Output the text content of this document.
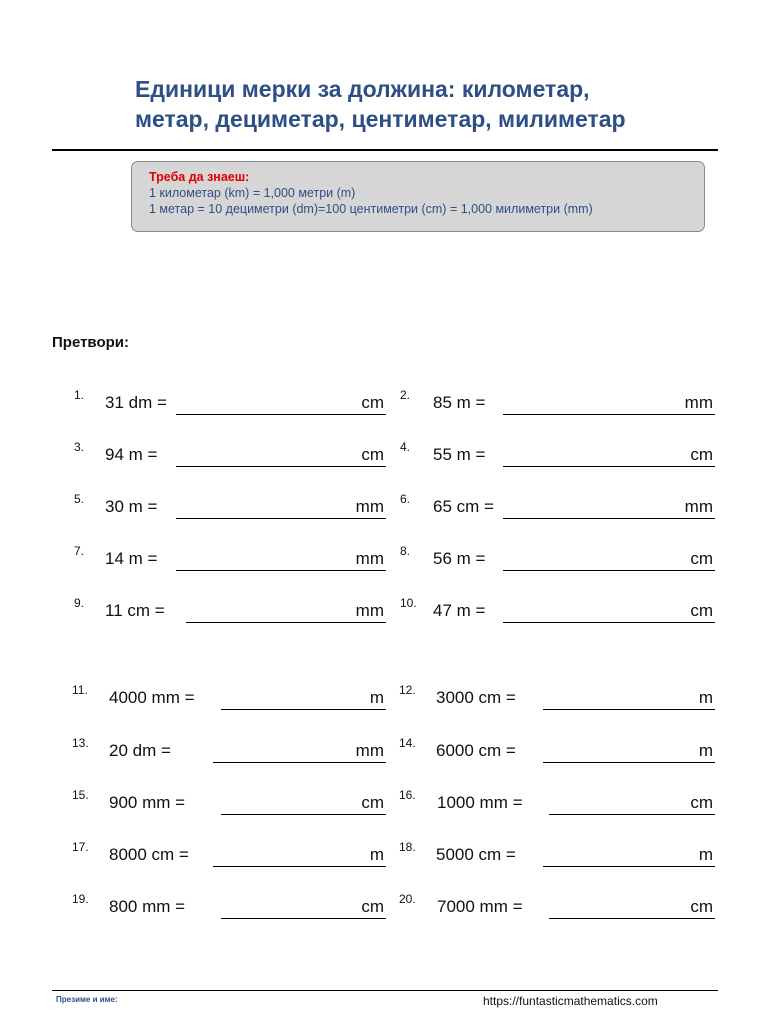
Единици мерки за должина: километар,
метар, дециметар, центиметар, милиметар
Треба да знаеш:
1 километар (km) = 1,000 метри (m)
1 метар = 10 дециметри (dm)=100 центиметри (cm) = 1,000 милиметри (mm)
Претвори:
1. 31 dm =	cm 2. 85 m =	mm
3. 94 m =	cm 4. 55 m =	cm
5. 30 m =	mm 6. 65 cm =	mm
7. 14 m =	mm 8. 56 m =	cm
9. 11 cm =	mm 10. 47 m =	cm
11. 4000 mm =	m 12. 3000 cm =	m
13. 20 dm =	mm 14. 6000 cm =	m
15. 900 mm =	cm 16. 1000 mm =	cm
17. 8000 cm =	m 18. 5000 cm =	m
19. 800 mm =	cm 20. 7000 mm =	cm
Презиме и име:	https://funtasticmathematics.com
